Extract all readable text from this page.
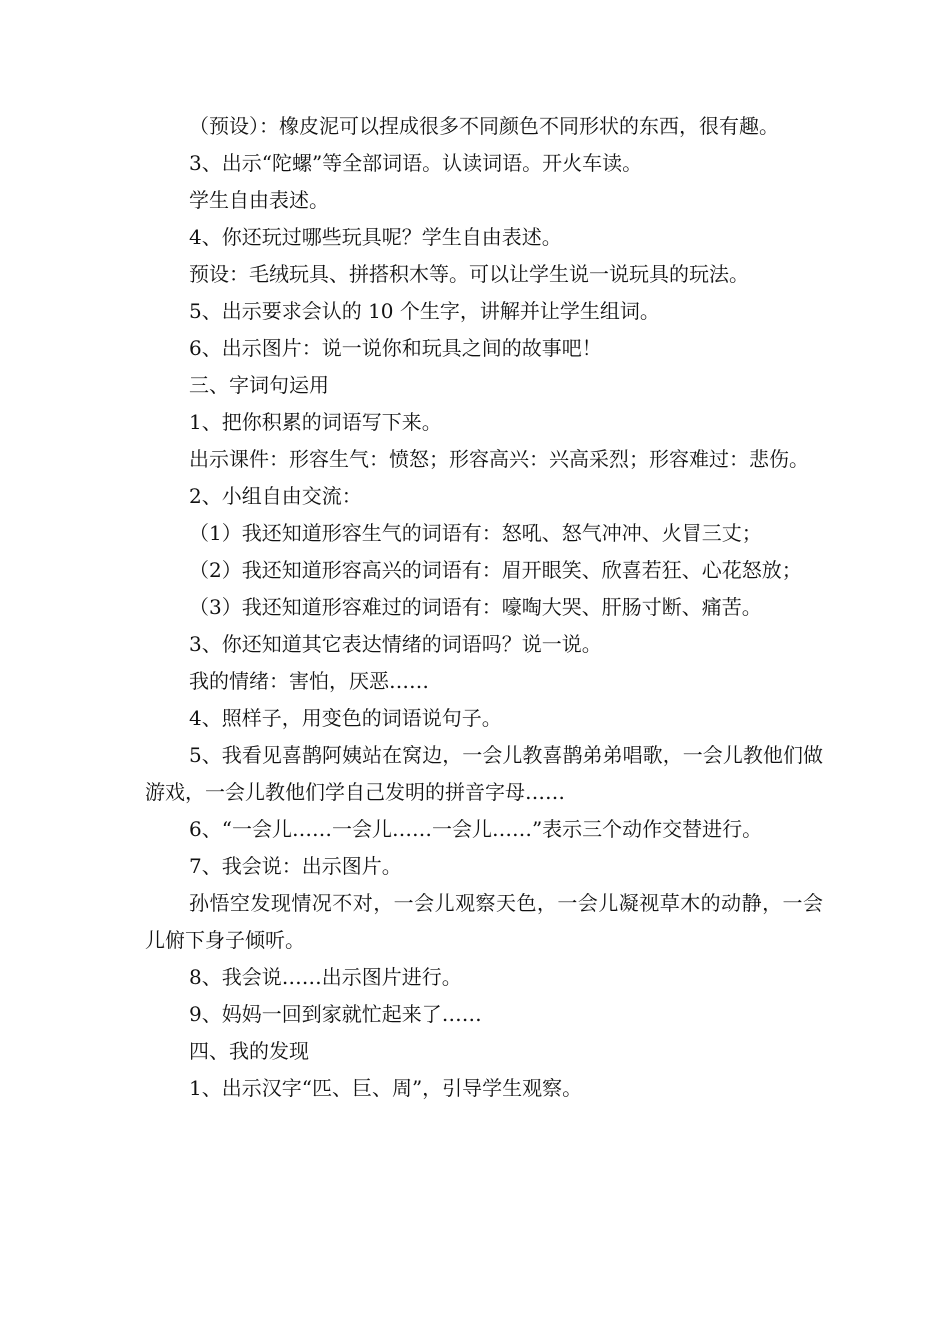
（预设）：橡皮泥可以捏成很多不同颜色不同形状的东西，很有趣。

3、出示“陀螺”等全部词语。认读词语。开火车读。

学生自由表述。

4、你还玩过哪些玩具呢？学生自由表述。

预设：毛绒玩具、拼搭积木等。可以让学生说一说玩具的玩法。

5、出示要求会认的 10 个生字，讲解并让学生组词。

6、出示图片：说一说你和玩具之间的故事吧！

三、字词句运用

1、把你积累的词语写下来。

出示课件：形容生气：愤怒；形容高兴：兴高采烈；形容难过：悲伤。

2、小组自由交流：

（1）我还知道形容生气的词语有：怒吼、怒气冲冲、火冒三丈；

（2）我还知道形容高兴的词语有：眉开眼笑、欣喜若狂、心花怒放；

（3）我还知道形容难过的词语有：嚎啕大哭、肝肠寸断、痛苦。

3、你还知道其它表达情绪的词语吗？说一说。

我的情绪：害怕，厌恶……

4、照样子，用变色的词语说句子。

5、我看见喜鹊阿姨站在窝边，一会儿教喜鹊弟弟唱歌，一会儿教他们做游戏，一会儿教他们学自己发明的拼音字母……

6、“一会儿……一会儿……一会儿……”表示三个动作交替进行。

7、我会说：出示图片。

孙悟空发现情况不对，一会儿观察天色，一会儿凝视草木的动静，一会儿俯下身子倾听。

8、我会说……出示图片进行。

9、妈妈一回到家就忙起来了……

四、我的发现

1、出示汉字“匹、巨、周”，引导学生观察。
